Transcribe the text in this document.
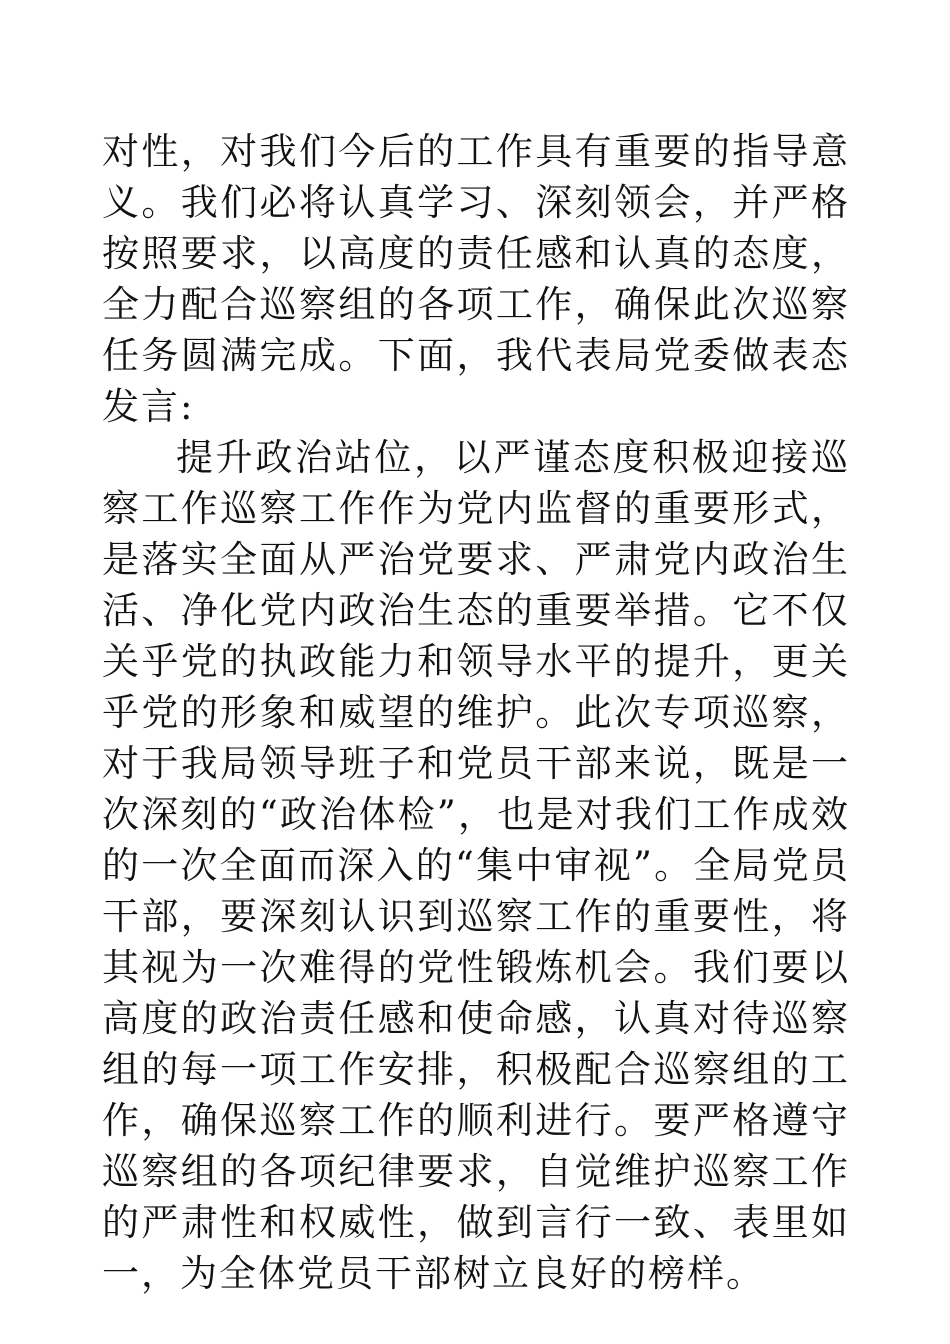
对性，对我们今后的工作具有重要的指导意义。我们必将认真学习、深刻领会，并严格按照要求，以高度的责任感和认真的态度，全力配合巡察组的各项工作，确保此次巡察任务圆满完成。下面，我代表局党委做表态发言:

提升政治站位，以严谨态度积极迎接巡察工作巡察工作作为党内监督的重要形式，是落实全面从严治党要求、严肃党内政治生活、净化党内政治生态的重要举措。它不仅关乎党的执政能力和领导水平的提升，更关乎党的形象和威望的维护。此次专项巡察，对于我局领导班子和党员干部来说，既是一次深刻的“政治体检”，也是对我们工作成效的一次全面而深入的“集中审视”。全局党员干部，要深刻认识到巡察工作的重要性，将其视为一次难得的党性锻炼机会。我们要以高度的政治责任感和使命感，认真对待巡察组的每一项工作安排，积极配合巡察组的工作，确保巡察工作的顺利进行。要严格遵守巡察组的各项纪律要求，自觉维护巡察工作的严肃性和权威性，做到言行一致、表里如一，为全体党员干部树立良好的榜样。
